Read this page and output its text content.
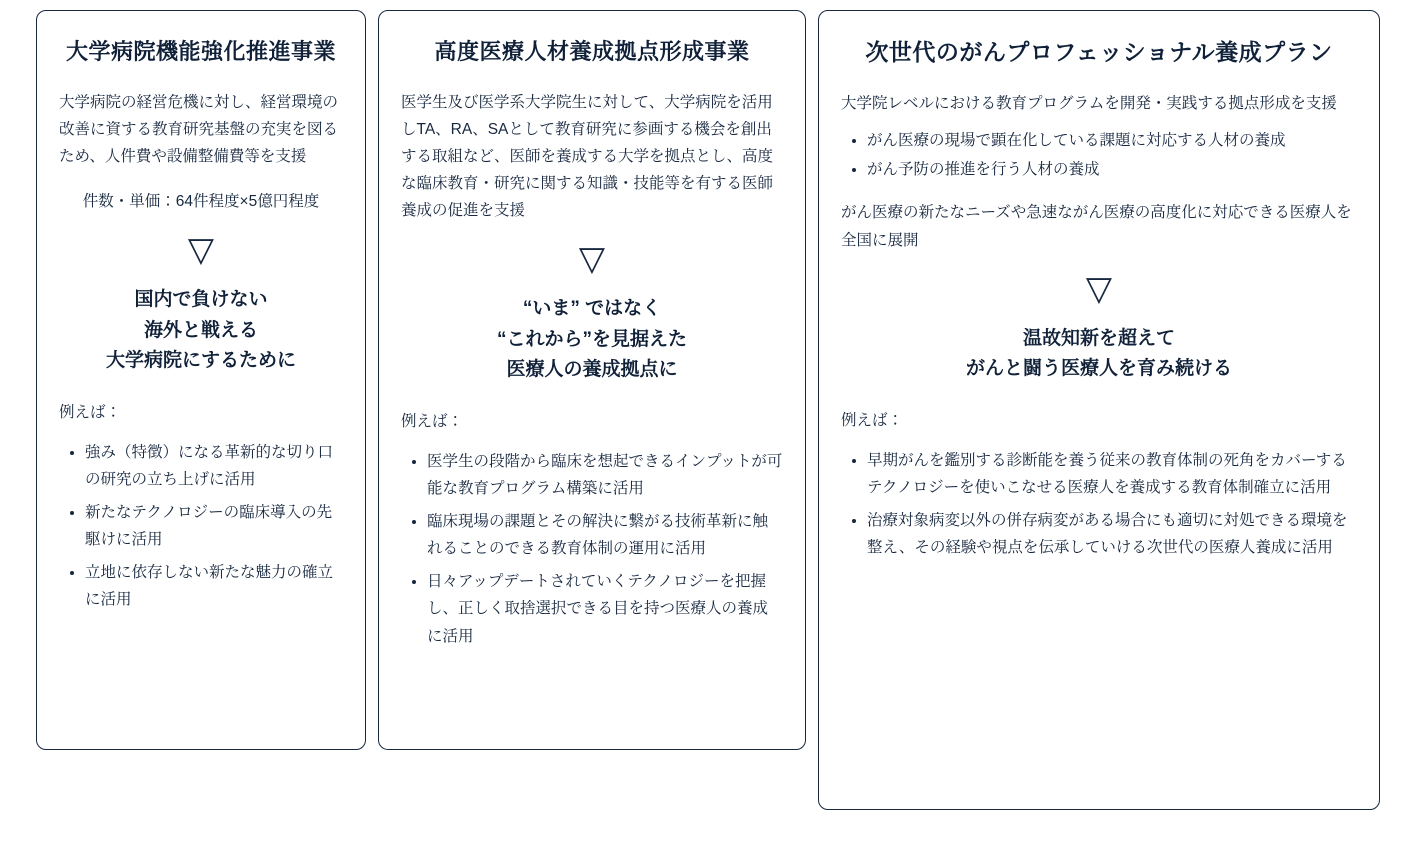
大学病院機能強化推進事業

大学病院の経営危機に対し、経営環境の改善に資する教育研究基盤の充実を図るため、人件費や設備整備費等を支援

件数・単価：64件程度×5億円程度

▽
国内で負けない
海外と戦える
大学病院にするために

例えば：

• 強み（特徴）になる革新的な切り口の研究の立ち上げに活用
• 新たなテクノロジーの臨床導入の先駆けに活用
• 立地に依存しない新たな魅力の確立に活用
高度医療人材養成拠点形成事業

医学生及び医学系大学院生に対して、大学病院を活用しTA、RA、SAとして教育研究に参画する機会を創出する取組など、医師を養成する大学を拠点とし、高度な臨床教育・研究に関する知識・技能等を有する医師養成の促進を支援

▽
“いま” ではなく
“これから”を見据えた
医療人の養成拠点に

例えば：

• 医学生の段階から臨床を想起できるインプットが可能な教育プログラム構築に活用
• 臨床現場の課題とその解決に繋がる技術革新に触れることのできる教育体制の運用に活用
• 日々アップデートされていくテクノロジーを把握し、正しく取捨選択できる目を持つ医療人の養成に活用
次世代のがんプロフェッショナル養成プラン

大学院レベルにおける教育プログラムを開発・実践する拠点形成を支援

• がん医療の現場で顕在化している課題に対応する人材の養成
• がん予防の推進を行う人材の養成

がん医療の新たなニーズや急速ながん医療の高度化に対応できる医療人を全国に展開

▽
温故知新を超えて
がんと闘う医療人を育み続ける

例えば：

• 早期がんを鑑別する診断能を養う従来の教育体制の死角をカバーするテクノロジーを使いこなせる医療人を養成する教育体制確立に活用
• 治療対象病変以外の併存病変がある場合にも適切に対処できる環境を整え、その経験や視点を伝承していける次世代の医療人養成に活用
